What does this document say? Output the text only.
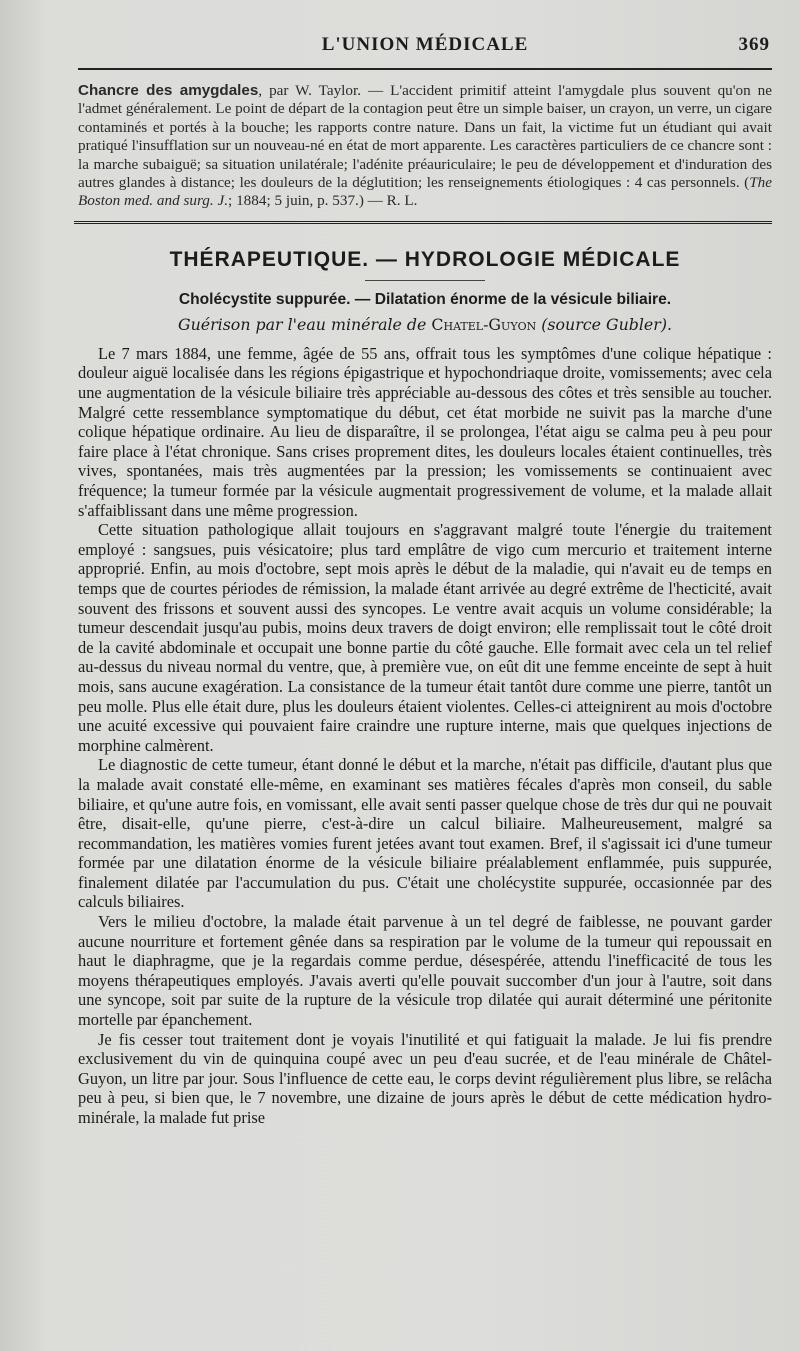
L'UNION MÉDICALE	369

Chancre des amygdales, par W. Taylor. — L'accident primitif atteint l'amygdale plus souvent qu'on ne l'admet généralement. Le point de départ de la contagion peut être un simple baiser, un crayon, un verre, un cigare contaminés et portés à la bouche; les rapports contre nature. Dans un fait, la victime fut un étudiant qui avait pratiqué l'insufflation sur un nouveau-né en état de mort apparente. Les caractères particuliers de ce chancre sont : la marche subaiguë; sa situation unilatérale; l'adénite préauriculaire; le peu de développement et d'induration des autres glandes à distance; les douleurs de la déglutition; les renseignements étiologiques : 4 cas personnels. (The Boston med. and surg. J.; 1884; 5 juin, p. 537.) — R. L.

THÉRAPEUTIQUE. — HYDROLOGIE MÉDICALE
Cholécystite suppurée. — Dilatation énorme de la vésicule biliaire.
Guérison par l'eau minérale de Chatel-Guyon (source Gubler).

Le 7 mars 1884, une femme, âgée de 55 ans, offrait tous les symptômes d'une colique hépatique : douleur aiguë localisée dans les régions épigastrique et hypochondriaque droite, vomissements; avec cela une augmentation de la vésicule biliaire très appréciable au-dessous des côtes et très sensible au toucher. Malgré cette ressemblance symptomatique du début, cet état morbide ne suivit pas la marche d'une colique hépatique ordinaire. Au lieu de disparaître, il se prolongea, l'état aigu se calma peu à peu pour faire place à l'état chronique. Sans crises proprement dites, les douleurs locales étaient continuelles, très vives, spontanées, mais très augmentées par la pression; les vomissements se continuaient avec fréquence; la tumeur formée par la vésicule augmentait progressivement de volume, et la malade allait s'affaiblissant dans une même progression.

Cette situation pathologique allait toujours en s'aggravant malgré toute l'énergie du traitement employé : sangsues, puis vésicatoire; plus tard emplâtre de vigo cum mercurio et traitement interne approprié. Enfin, au mois d'octobre, sept mois après le début de la maladie, qui n'avait eu de temps en temps que de courtes périodes de rémission, la malade étant arrivée au degré extrême de l'hecticité, avait souvent des frissons et souvent aussi des syncopes. Le ventre avait acquis un volume considérable; la tumeur descendait jusqu'au pubis, moins deux travers de doigt environ; elle remplissait tout le côté droit de la cavité abdominale et occupait une bonne partie du côté gauche. Elle formait avec cela un tel relief au-dessus du niveau normal du ventre, que, à première vue, on eût dit une femme enceinte de sept à huit mois, sans aucune exagération. La consistance de la tumeur était tantôt dure comme une pierre, tantôt un peu molle. Plus elle était dure, plus les douleurs étaient violentes. Celles-ci atteignirent au mois d'octobre une acuité excessive qui pouvaient faire craindre une rupture interne, mais que quelques injections de morphine calmèrent.

Le diagnostic de cette tumeur, étant donné le début et la marche, n'était pas difficile, d'autant plus que la malade avait constaté elle-même, en examinant ses matières fécales d'après mon conseil, du sable biliaire, et qu'une autre fois, en vomissant, elle avait senti passer quelque chose de très dur qui ne pouvait être, disait-elle, qu'une pierre, c'est-à-dire un calcul biliaire. Malheureusement, malgré sa recommandation, les matières vomies furent jetées avant tout examen. Bref, il s'agissait ici d'une tumeur formée par une dilatation énorme de la vésicule biliaire préalablement enflammée, puis suppurée, finalement dilatée par l'accumulation du pus. C'était une cholécystite suppurée, occasionnée par des calculs biliaires.

Vers le milieu d'octobre, la malade était parvenue à un tel degré de faiblesse, ne pouvant garder aucune nourriture et fortement gênée dans sa respiration par le volume de la tumeur qui repoussait en haut le diaphragme, que je la regardais comme perdue, désespérée, attendu l'inefficacité de tous les moyens thérapeutiques employés. J'avais averti qu'elle pouvait succomber d'un jour à l'autre, soit dans une syncope, soit par suite de la rupture de la vésicule trop dilatée qui aurait déterminé une péritonite mortelle par épanchement.

Je fis cesser tout traitement dont je voyais l'inutilité et qui fatiguait la malade. Je lui fis prendre exclusivement du vin de quinquina coupé avec un peu d'eau sucrée, et de l'eau minérale de Châtel-Guyon, un litre par jour. Sous l'influence de cette eau, le corps devint régulièrement plus libre, se relâcha peu à peu, si bien que, le 7 novembre, une dizaine de jours après le début de cette médication hydro-minérale, la malade fut prise
